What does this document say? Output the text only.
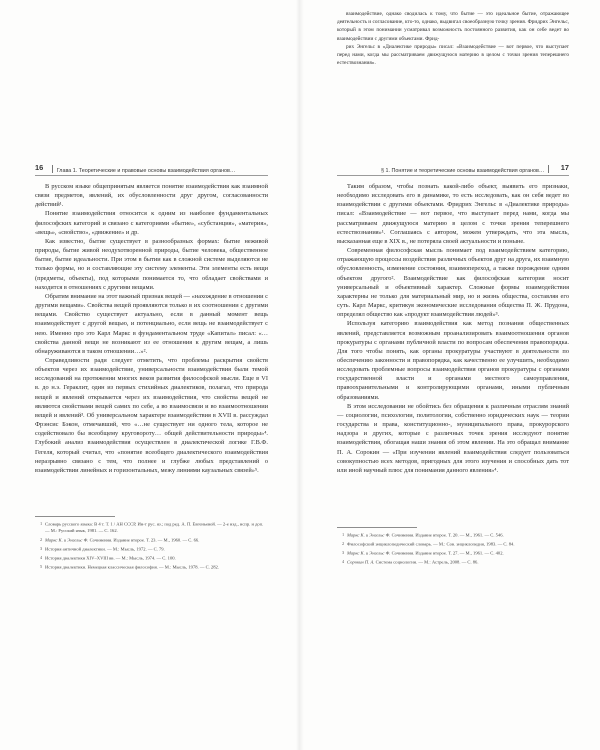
16	Глава 1. Теоретические и правовые основы взаимодействия органов…

В русском языке общепринятым является понятие взаимодействия как взаимной связи предметов, явлений, их обусловленности друг другом, согласованности действий¹.

Понятие взаимодействия относится к одним из наиболее фундаментальных философских категорий и связано с категориями «бытие», «субстанция», «материя», «вещь», «свойство», «движение» и др.

Как известно, бытие существует в разнообразных формах: бытие неживой природы, бытие живой неодухотворенной природы, бытие человека, общественное бытие, бытие идеальноcти. При этом в бытии как в сложной системе выделяются не только формы, но и составляющие эту систему элементы. Эти элементы есть вещи (предметы, объекты), под которыми понимается то, что обладает свойствами и находится в отношениях с другими вещами.

Обратим внимание на этот важный признак вещей — «нахождение в отношении с другими вещами». Свойства вещей проявляются только в их соотношении с другими вещами. Свойство существует актуально, если в данный момент вещь взаимодействует с другой вещью, и потенциально, если вещь не взаимодействует с нею. Именно про это Карл Маркс в фундаментальном труде «Капитал» писал: «…свойства данной вещи не возникают из ее отношения к другим вещам, а лишь обнаруживаются в таком отношении…»².

Справедливости ради следует отметить, что проблемы раскрытия свойств объектов через их взаимодействие, универсальности взаимодействия были темой исследований на протяжении многих веков развития философской мысли. Еще в VI в. до н.э. Гераклит, один из первых стихийных диалектиков, полагал, что природа вещей и явлений открывается через их взаимодействия, что свойства вещей не являются свойствами вещей самих по себе, а во взаимосвязи и во взаимоотношении вещей и явлений³. Об универсальном характере взаимодействия в XVII в. рассуждал Фрэнсис Бэкон, отмечавший, что «…не существует ни одного тела, которое не содействовало бы всеобщему круговороту… общей действительности природы»⁴. Глубокий анализ взаимодействия осуществлен в диалектической логике Г.В.Ф. Гегеля, который считал, что «понятие всеобщего диалектического взаимодействия неразрывно связано с тем, что полнее и глубже любых представлений о взаимодействии линейных и горизонтальных, межу линиями каузальных связей»⁵.

1 Словарь русского языка: В 4 т. Т. 1 / АН СССР, Ин-т рус. яз.; под ред. А. П. Евгеньевой. — 2-е изд., испр. и доп. — М.: Русский язык, 1981. — С. 162.
2 Маркс К. и Энгельс Ф. Сочинения. Издание второе. Т. 23. — М., 1960. — С. 66.
3 История античной диалектики. — М.: Мысль, 1972. — С. 79.
4 История диалектики XIV–XVIII вв. — М.: Мысль, 1974. — С. 100.
5 История диалектики. Немецкая классическая философия. — М.: Мысль, 1978. — С. 282.

взаимодействие, однако сводилась к тому, что бытие — это идеальное бытие, отражающее деятельность и согласование, кто-то, однако, выдвигал своеобразную точку зрения. Фридрих Энгельс, который в этом понимании усматривал возможность постоянного развития, как он себе ведет во взаимодействии с другими объектами. Фрид-

рих Энгельс в «Диалектике природы» писал: «Взаимодействие — вот первое, что выступает перед нами, когда мы рассматриваем движущуюся материю в целом с точки зрения теперешнего естествознания».

§ 1. Понятие и теоретические основы взаимодействия органов…	17

Таким образом, чтобы познать какой-либо объект, выявить его признаки, необходимо исследовать его в динамике, то есть исследовать, как он себя ведет во взаимодействии с другими объектами. Фридрих Энгельс в «Диалектике природы» писал: «Взаимодействие — вот первое, что выступает перед нами, когда мы рассматриваем движущуюся материю в целом с точки зрения теперешнего естествознания»¹. Соглашаясь с автором, можем утверждать, что эта мысль, высказанная еще в XIX в., не потеряла своей актуальности и поныне.

Современная философская мысль понимает под взаимодействием категорию, отражающую процессы воздействия различных объектов друг на друга, их взаимную обусловленность, изменение состояния, взаимопереход, а также порождение одним объектом другого². Взаимодействие как философская категория носит универсальный и объективный характер. Сложные формы взаимодействия характерны не только для материальный мир, но и жизнь общества, составляя его суть. Карл Маркс, критикуя экономические исследования общества П. Ж. Прудона, определял общество как «продукт взаимодействия людей»³.

Используя категорию взаимодействия как метод познания общественных явлений, представляется возможным проанализировать взаимоотношения органов прокуратуры с органами публичной власти по вопросам обеспечения правопорядка. Для того чтобы понять, как органы прокуратуры участвуют в деятельности по обеспечению законности и правопорядка, как качественно ее улучшить, необходимо исследовать проблемные вопросы взаимодействия органов прокуратуры с органами государственной власти и органами местного самоуправления, правоохранительными и контролирующими органами, иными публичным образованиями.

В этом исследовании не обойтись без обращения к различным отраслям знаний — социологии, психологии, политологии, собственно юридических наук — теории государства и права, конституционно-, муниципального права, прокурорского надзора и других, которые с различных точек зрения исследуют понятие взаимодействия, обогащая наши знания об этом явлении. На это обращал внимание П. А. Сорокин — «При изучении явлений взаимодействия следует пользоваться совокупностью всех методов, пригодных для этого изучения и способных дать тот или иной научный плюс для понимания данного явления»⁴.

1 Маркс К. и Энгельс Ф. Сочинения. Издание второе. Т. 20. — М., 1961. — С. 546.
2 Философский энциклопедический словарь. — М.: Сов. энциклопедия, 1983. — С. 84.
3 Маркс К. и Энгельс Ф. Сочинения. Издание второе. Т. 27. — М., 1961. — С. 402.
4 Сорокин П. А. Система социологии. — М.: Астрель, 2008. — С. 86.
